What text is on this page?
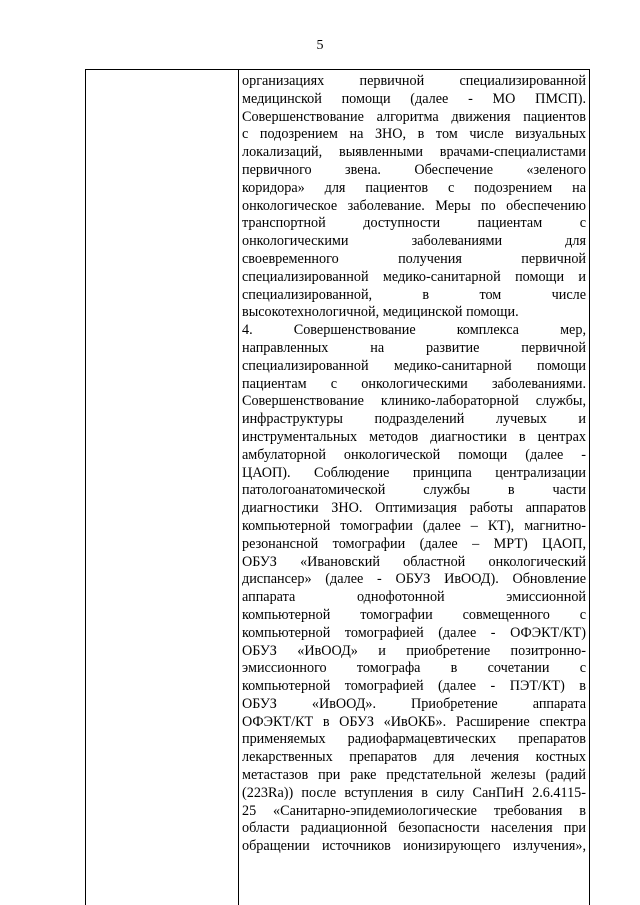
5
организациях первичной специализированной
медицинской помощи (далее - МО ПМСП).
Совершенствование алгоритма движения пациентов
с подозрением на ЗНО, в том числе визуальных
локализаций, выявленными врачами-специалистами
первичного звена. Обеспечение «зеленого
коридора» для пациентов с подозрением на
онкологическое заболевание. Меры по обеспечению
транспортной доступности пациентам с
онкологическими заболеваниями для
своевременного получения первичной
специализированной медико-санитарной помощи и
специализированной, в том числе
высокотехнологичной, медицинской помощи.
4. Совершенствование комплекса мер,
направленных на развитие первичной
специализированной медико-санитарной помощи
пациентам с онкологическими заболеваниями.
Совершенствование клинико-лабораторной службы,
инфраструктуры подразделений лучевых и
инструментальных методов диагностики в центрах
амбулаторной онкологической помощи (далее -
ЦАОП). Соблюдение принципа централизации
патологоанатомической службы в части
диагностики ЗНО. Оптимизация работы аппаратов
компьютерной томографии (далее – КТ), магнитно-
резонансной томографии (далее – МРТ) ЦАОП,
ОБУЗ «Ивановский областной онкологический
диспансер» (далее - ОБУЗ ИвООД). Обновление
аппарата однофотонной эмиссионной
компьютерной томографии совмещенного с
компьютерной томографией (далее - ОФЭКТ/КТ)
ОБУЗ «ИвООД» и приобретение позитронно-
эмиссионного томографа в сочетании с
компьютерной томографией (далее - ПЭТ/КТ) в
ОБУЗ «ИвООД». Приобретение аппарата
ОФЭКТ/КТ в ОБУЗ «ИвОКБ». Расширение спектра
применяемых радиофармацевтических препаратов
лекарственных препаратов для лечения костных
метастазов при раке предстательной железы (радий
(223Ra)) после вступления в силу СанПиН 2.6.4115-
25 «Санитарно-эпидемиологические требования в
области радиационной безопасности населения при
обращении источников ионизирующего излучения»,
